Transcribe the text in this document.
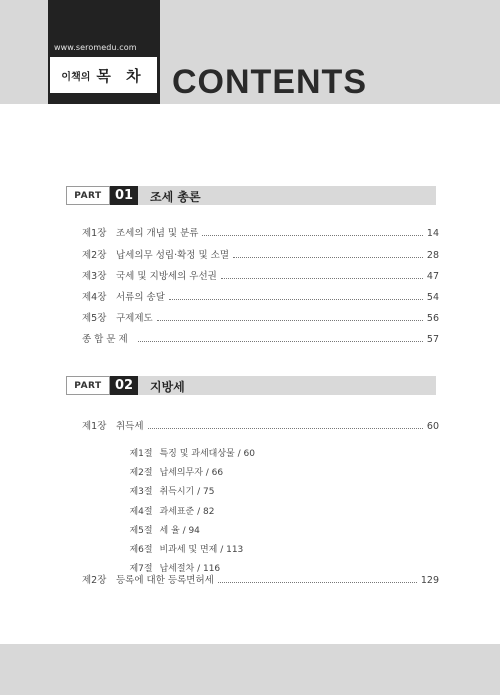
www.seromedu.com
이책의 목 차 CONTENTS
PART	01	조세 총론
제1장	조세의 개념 및 분류	14
제2장	납세의무 성립·확정 및 소멸	28
제3장	국세 및 지방세의 우선권	47
제4장	서류의 송달	54
제5장	구제제도	56
종합문제	57
PART	02	지방세
제1장	취득세	60

제1절 특징 및 과세대상물 / 60

제2절 납세의무자 / 66

제3절 취득시기 / 75

제4절 과세표준 / 82

제5절 세 율 / 94

제6절 비과세 및 면제 / 113

제7절 납세절차 / 116

제2장	등록에 대한 등록면허세	129
